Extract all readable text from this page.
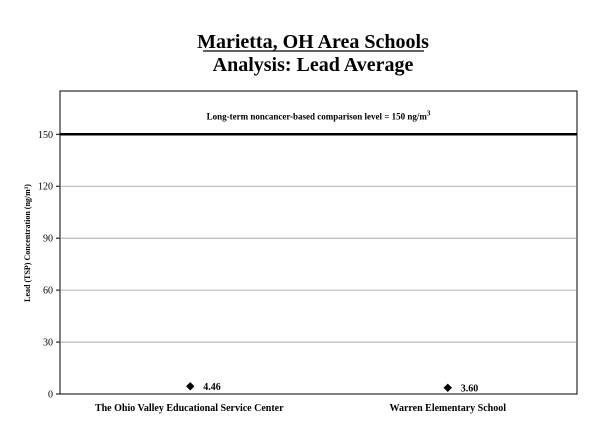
Marietta, OH Area Schools
Analysis: Lead Average
0
30
60
90
120
150
Long-term noncancer-based comparison level = 150 $ng/m^3$
The Ohio Valley Educational Service Center	Warren Elementary School
4.46	3.60
Lead (TSP) Concentration (ng/m³)
